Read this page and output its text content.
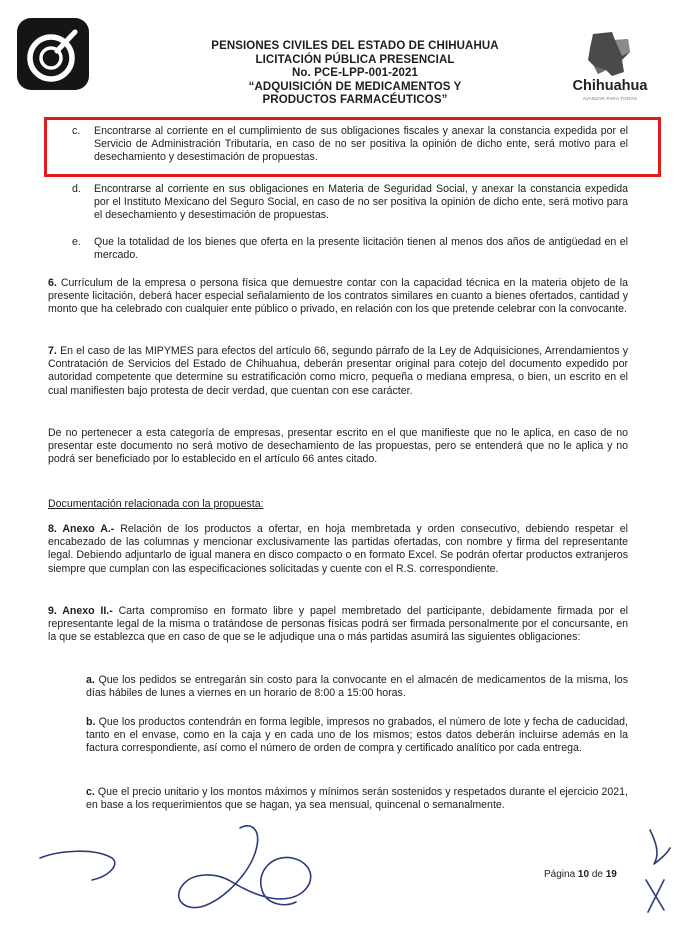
PENSIONES CIVILES DEL ESTADO DE CHIHUAHUA
LICITACIÓN PÚBLICA PRESENCIAL
No. PCE-LPP-001-2021
“ADQUISICIÓN DE MEDICAMENTOS Y
PRODUCTOS FARMACÉUTICOS”
Chihuahua
AVANZAR PARA TODOS
c.	Encontrarse al corriente en el cumplimiento de sus obligaciones fiscales y anexar la constancia expedida por el Servicio de Administración Tributaria, en caso de no ser positiva la opinión de dicho ente, será motivo para el desechamiento y desestimación de propuestas.
d. Encontrarse al corriente en sus obligaciones en Materia de Seguridad Social, y anexar la constancia expedida por el Instituto Mexicano del Seguro Social, en caso de no ser positiva la opinión de dicho ente, será motivo para el desechamiento y desestimación de propuestas.
e. Que la totalidad de los bienes que oferta en la presente licitación tienen al menos dos años de antigüedad en el mercado.

6. Currículum de la empresa o persona física que demuestre contar con la capacidad técnica en la materia objeto de la presente licitación, deberá hacer especial señalamiento de los contratos similares en cuanto a bienes ofertados, cantidad y monto que ha celebrado con cualquier ente público o privado, en relación con los que pretende celebrar con la convocante.

7. En el caso de las MIPYMES para efectos del artículo 66, segundo párrafo de la Ley de Adquisiciones, Arrendamientos y Contratación de Servicios del Estado de Chihuahua, deberán presentar original para cotejo del documento expedido por autoridad competente que determine su estratificación como micro, pequeña o mediana empresa, o bien, un escrito en el cual manifiesten bajo protesta de decir verdad, que cuentan con ese carácter.

De no pertenecer a esta categoría de empresas, presentar escrito en el que manifieste que no le aplica, en caso de no presentar este documento no será motivo de desechamiento de las propuestas, pero se entenderá que no le aplica y no podrá ser beneficiado por lo establecido en el artículo 66 antes citado.

Documentación relacionada con la propuesta:

8. Anexo A.- Relación de los productos a ofertar, en hoja membretada y orden consecutivo, debiendo respetar el encabezado de las columnas y mencionar exclusivamente las partidas ofertadas, con nombre y firma del representante legal. Debiendo adjuntarlo de igual manera en disco compacto o en formato Excel. Se podrán ofertar productos extranjeros siempre que cumplan con las especificaciones solicitadas y cuente con el R.S. correspondiente.

9. Anexo II.- Carta compromiso en formato libre y papel membretado del participante, debidamente firmada por el representante legal de la misma o tratándose de personas físicas podrá ser firmada personalmente por el concursante, en la que se establezca que en caso de que se le adjudique una o más partidas asumirá las siguientes obligaciones:

a. Que los pedidos se entregarán sin costo para la convocante en el almacén de medicamentos de la misma, los días hábiles de lunes a viernes en un horario de 8:00 a 15:00 horas.

b. Que los productos contendrán en forma legible, impresos no grabados, el número de lote y fecha de caducidad, tanto en el envase, como en la caja y en cada uno de los mismos; estos datos deberán incluirse además en la factura correspondiente, así como el número de orden de compra y certificado analítico por cada entrega.

c. Que el precio unitario y los montos máximos y mínimos serán sostenidos y respetados durante el ejercicio 2021, en base a los requerimientos que se hagan, ya sea mensual, quincenal o semanalmente.

Página 10 de 19
